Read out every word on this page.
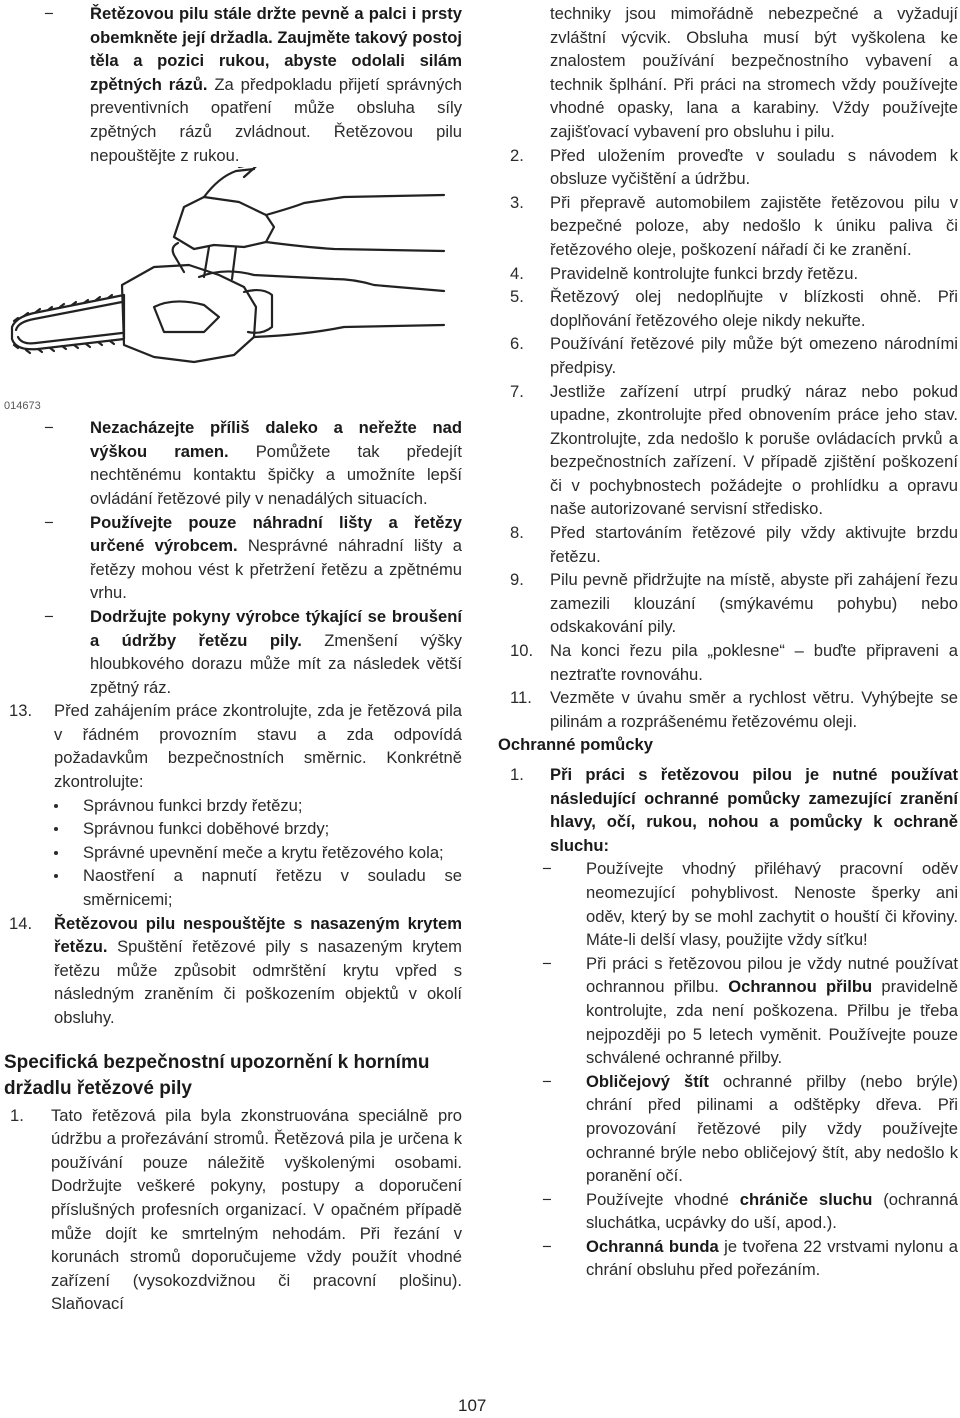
− Řetězovou pilu stále držte pevně a palci i prsty obemkněte její držadla. Zaujměte takový postoj těla a pozici rukou, abyste odolali silám zpětných rázů. Za předpokladu přijetí správných preventivních opatření může obsluha síly zpětných rázů zvládnout. Řetězovou pilu nepouštějte z rukou.

014673

− Nezacházejte příliš daleko a neřežte nad výškou ramen. Pomůžete tak předejít nechtěnému kontaktu špičky a umožníte lepší ovládání řetězové pily v nenadálých situacích.

− Používejte pouze náhradní lišty a řetězy určené výrobcem. Nesprávné náhradní lišty a řetězy mohou vést k přetržení řetězu a zpětnému vrhu.

− Dodržujte pokyny výrobce týkající se broušení a údržby řetězu pily. Zmenšení výšky hloubkového dorazu může mít za následek větší zpětný ráz.

13. Před zahájením práce zkontrolujte, zda je řetězová pila v řádném provozním stavu a zda odpovídá požadavkům bezpečnostních směrnic. Konkrétně zkontrolujte:

Správnou funkci brzdy řetězu;

Správnou funkci doběhové brzdy;

Správné upevnění meče a krytu řetězového kola;

Naostření a napnutí řetězu v souladu se směrnicemi;

14. Řetězovou pilu nespouštějte s nasazeným krytem řetězu. Spuštění řetězové pily s nasazeným krytem řetězu může způsobit odmrštění krytu vpřed s následným zraněním či poškozením objektů v okolí obsluhy.

Specifická bezpečnostní upozornění k hornímu držadlu řetězové pily

1. Tato řetězová pila byla zkonstruována speciálně pro údržbu a prořezávání stromů. Řetězová pila je určena k používání pouze náležitě vyškolenými osobami. Dodržujte veškeré pokyny, postupy a doporučení příslušných profesních organizací. V opačném případě může dojít ke smrtelným nehodám. Při řezání v korunách stromů doporučujeme vždy použít vhodné zařízení (vysokozdvižnou či pracovní plošinu). Slaňovací

techniky jsou mimořádně nebezpečné a vyžadují zvláštní výcvik. Obsluha musí být vyškolena ke znalostem používání bezpečnostního vybavení a technik šplhání. Při práci na stromech vždy používejte vhodné opasky, lana a karabiny. Vždy používejte zajišťovací vybavení pro obsluhu i pilu.

2. Před uložením proveďte v souladu s návodem k obsluze vyčištění a údržbu.

3. Při přepravě automobilem zajistěte řetězovou pilu v bezpečné poloze, aby nedošlo k úniku paliva či řetězového oleje, poškození nářadí či ke zranění.

4. Pravidelně kontrolujte funkci brzdy řetězu.

5. Řetězový olej nedoplňujte v blízkosti ohně. Při doplňování řetězového oleje nikdy nekuřte.

6. Používání řetězové pily může být omezeno národními předpisy.

7. Jestliže zařízení utrpí prudký náraz nebo pokud upadne, zkontrolujte před obnovením práce jeho stav. Zkontrolujte, zda nedošlo k poruše ovládacích prvků a bezpečnostních zařízení. V případě zjištění poškození či v pochybnostech požádejte o prohlídku a opravu naše autorizované servisní středisko.

8. Před startováním řetězové pily vždy aktivujte brzdu řetězu.

9. Pilu pevně přidržujte na místě, abyste při zahájení řezu zamezili klouzání (smýkavému pohybu) nebo odskakování pily.

10. Na konci řezu pila „poklesne“ – buďte připraveni a neztraťte rovnováhu.

11. Vezměte v úvahu směr a rychlost větru. Vyhýbejte se pilinám a rozprášenému řetězovému oleji.

Ochranné pomůcky

1. Při práci s řetězovou pilou je nutné používat následující ochranné pomůcky zamezující zranění hlavy, očí, rukou, nohou a pomůcky k ochraně sluchu:

− Používejte vhodný přiléhavý pracovní oděv neomezující pohyblivost. Nenoste šperky ani oděv, který by se mohl zachytit o houští či křoviny. Máte-li delší vlasy, použijte vždy síťku!

− Při práci s řetězovou pilou je vždy nutné používat ochrannou přilbu. Ochrannou přilbu pravidelně kontrolujte, zda není poškozena. Přilbu je třeba nejpozději po 5 letech vyměnit. Používejte pouze schválené ochranné přilby.

− Obličejový štít ochranné přilby (nebo brýle) chrání před pilinami a odštěpky dřeva. Při provozování řetězové pily vždy používejte ochranné brýle nebo obličejový štít, aby nedošlo k poranění očí.

− Používejte vhodné chrániče sluchu (ochranná sluchátka, ucpávky do uší, apod.).

− Ochranná bunda je tvořena 22 vrstvami nylonu a chrání obsluhu před pořezáním.

107
